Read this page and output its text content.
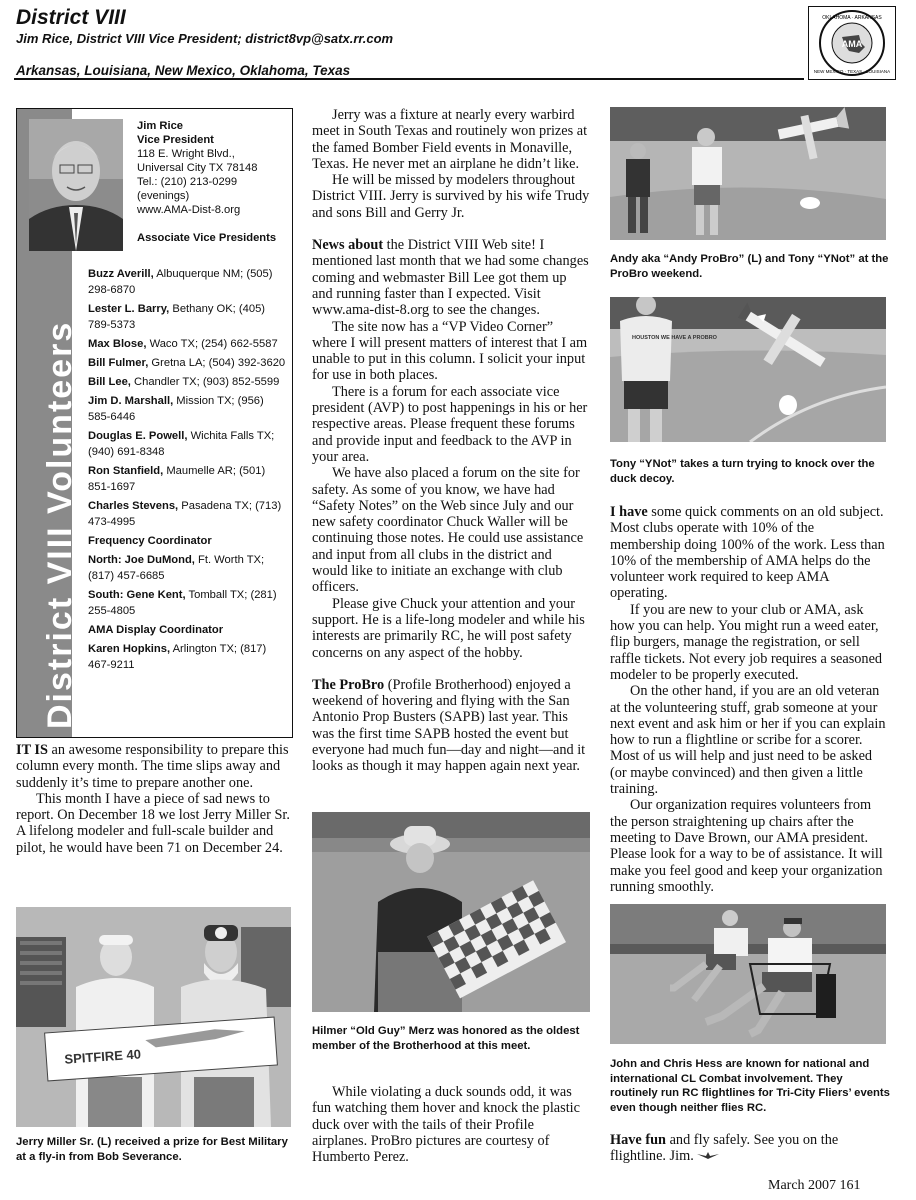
District VIII
Jim Rice, District VIII Vice President; district8vp@satx.rr.com
Arkansas, Louisiana, New Mexico, Oklahoma, Texas
OKLAHOMA · ARKANSAS
AMA
NEW MEXICO · TEXAS · LOUISIANA
District VIII Volunteers
Jim Rice
Vice President
118 E. Wright Blvd.,
Universal City TX 78148
Tel.: (210) 213-0299
(evenings)
www.AMA-Dist-8.org
Associate Vice Presidents
Buzz Averill, Albuquerque NM; (505) 298-6870
Lester L. Barry, Bethany OK; (405) 789-5373
Max Blose, Waco TX; (254) 662-5587
Bill Fulmer, Gretna LA; (504) 392-3620
Bill Lee, Chandler TX; (903) 852-5599
Jim D. Marshall, Mission TX; (956) 585-6446
Douglas E. Powell, Wichita Falls TX; (940) 691-8348
Ron Stanfield, Maumelle AR; (501) 851-1697
Charles Stevens, Pasadena TX; (713) 473-4995
Frequency Coordinator
North: Joe DuMond, Ft. Worth TX; (817) 457-6685
South: Gene Kent, Tomball TX; (281) 255-4805
AMA Display Coordinator
Karen Hopkins, Arlington TX; (817) 467-9211

IT IS an awesome responsibility to prepare this column every month. The time slips away and suddenly it’s time to prepare another one.

This month I have a piece of sad news to report. On December 18 we lost Jerry Miller Sr. A lifelong modeler and full-scale builder and pilot, he would have been 71 on December 24.

SPITFIRE 40
Jerry Miller Sr. (L) received a prize for Best Military at a fly-in from Bob Severance.

Jerry was a fixture at nearly every warbird meet in South Texas and routinely won prizes at the famed Bomber Field events in Monaville, Texas. He never met an airplane he didn’t like.

He will be missed by modelers throughout District VIII. Jerry is survived by his wife Trudy and sons Bill and Gerry Jr.

News about the District VIII Web site! I mentioned last month that we had some changes coming and webmaster Bill Lee got them up and running faster than I expected. Visit www.ama-dist-8.org to see the changes.

The site now has a “VP Video Corner” where I will present matters of interest that I am unable to put in this column. I solicit your input for use in both places.

There is a forum for each associate vice president (AVP) to post happenings in his or her respective areas. Please frequent these forums and provide input and feedback to the AVP in your area.

We have also placed a forum on the site for safety. As some of you know, we have had “Safety Notes” on the Web since July and our new safety coordinator Chuck Waller will be continuing those notes. He could use assistance and input from all clubs in the district and would like to initiate an exchange with club officers.

Please give Chuck your attention and your support. He is a life-long modeler and while his interests are primarily RC, he will post safety concerns on any aspect of the hobby.

The ProBro (Profile Brotherhood) enjoyed a weekend of hovering and flying with the San Antonio Prop Busters (SAPB) last year. This was the first time SAPB hosted the event but everyone had much fun—day and night—and it looks as though it may happen again next year.

Hilmer “Old Guy” Merz was honored as the oldest member of the Brotherhood at this meet.

While violating a duck sounds odd, it was fun watching them hover and knock the plastic duck over with the tails of their Profile airplanes. ProBro pictures are courtesy of Humberto Perez.

Andy aka “Andy ProBro” (L) and Tony “YNot” at the ProBro weekend.
HOUSTON WE HAVE A PROBRO
Tony “YNot” takes a turn trying to knock over the duck decoy.

I have some quick comments on an old subject. Most clubs operate with 10% of the membership doing 100% of the work. Less than 10% of the membership of AMA helps do the volunteer work required to keep AMA operating.

If you are new to your club or AMA, ask how you can help. You might run a weed eater, flip burgers, manage the registration, or sell raffle tickets. Not every job requires a seasoned modeler to be properly executed.

On the other hand, if you are an old veteran at the volunteering stuff, grab someone at your next event and ask him or her if you can explain how to run a flightline or scribe for a scorer. Most of us will help and just need to be asked (or maybe convinced) and then given a little training.

Our organization requires volunteers from the person straightening up chairs after the meeting to Dave Brown, our AMA president. Please look for a way to be of assistance. It will make you feel good and keep your organization running smoothly.

John and Chris Hess are known for national and international CL Combat involvement. They routinely run RC flightlines for Tri-City Fliers’ events even though neither flies RC.

Have fun and fly safely. See you on the flightline. Jim.

March 2007 161
